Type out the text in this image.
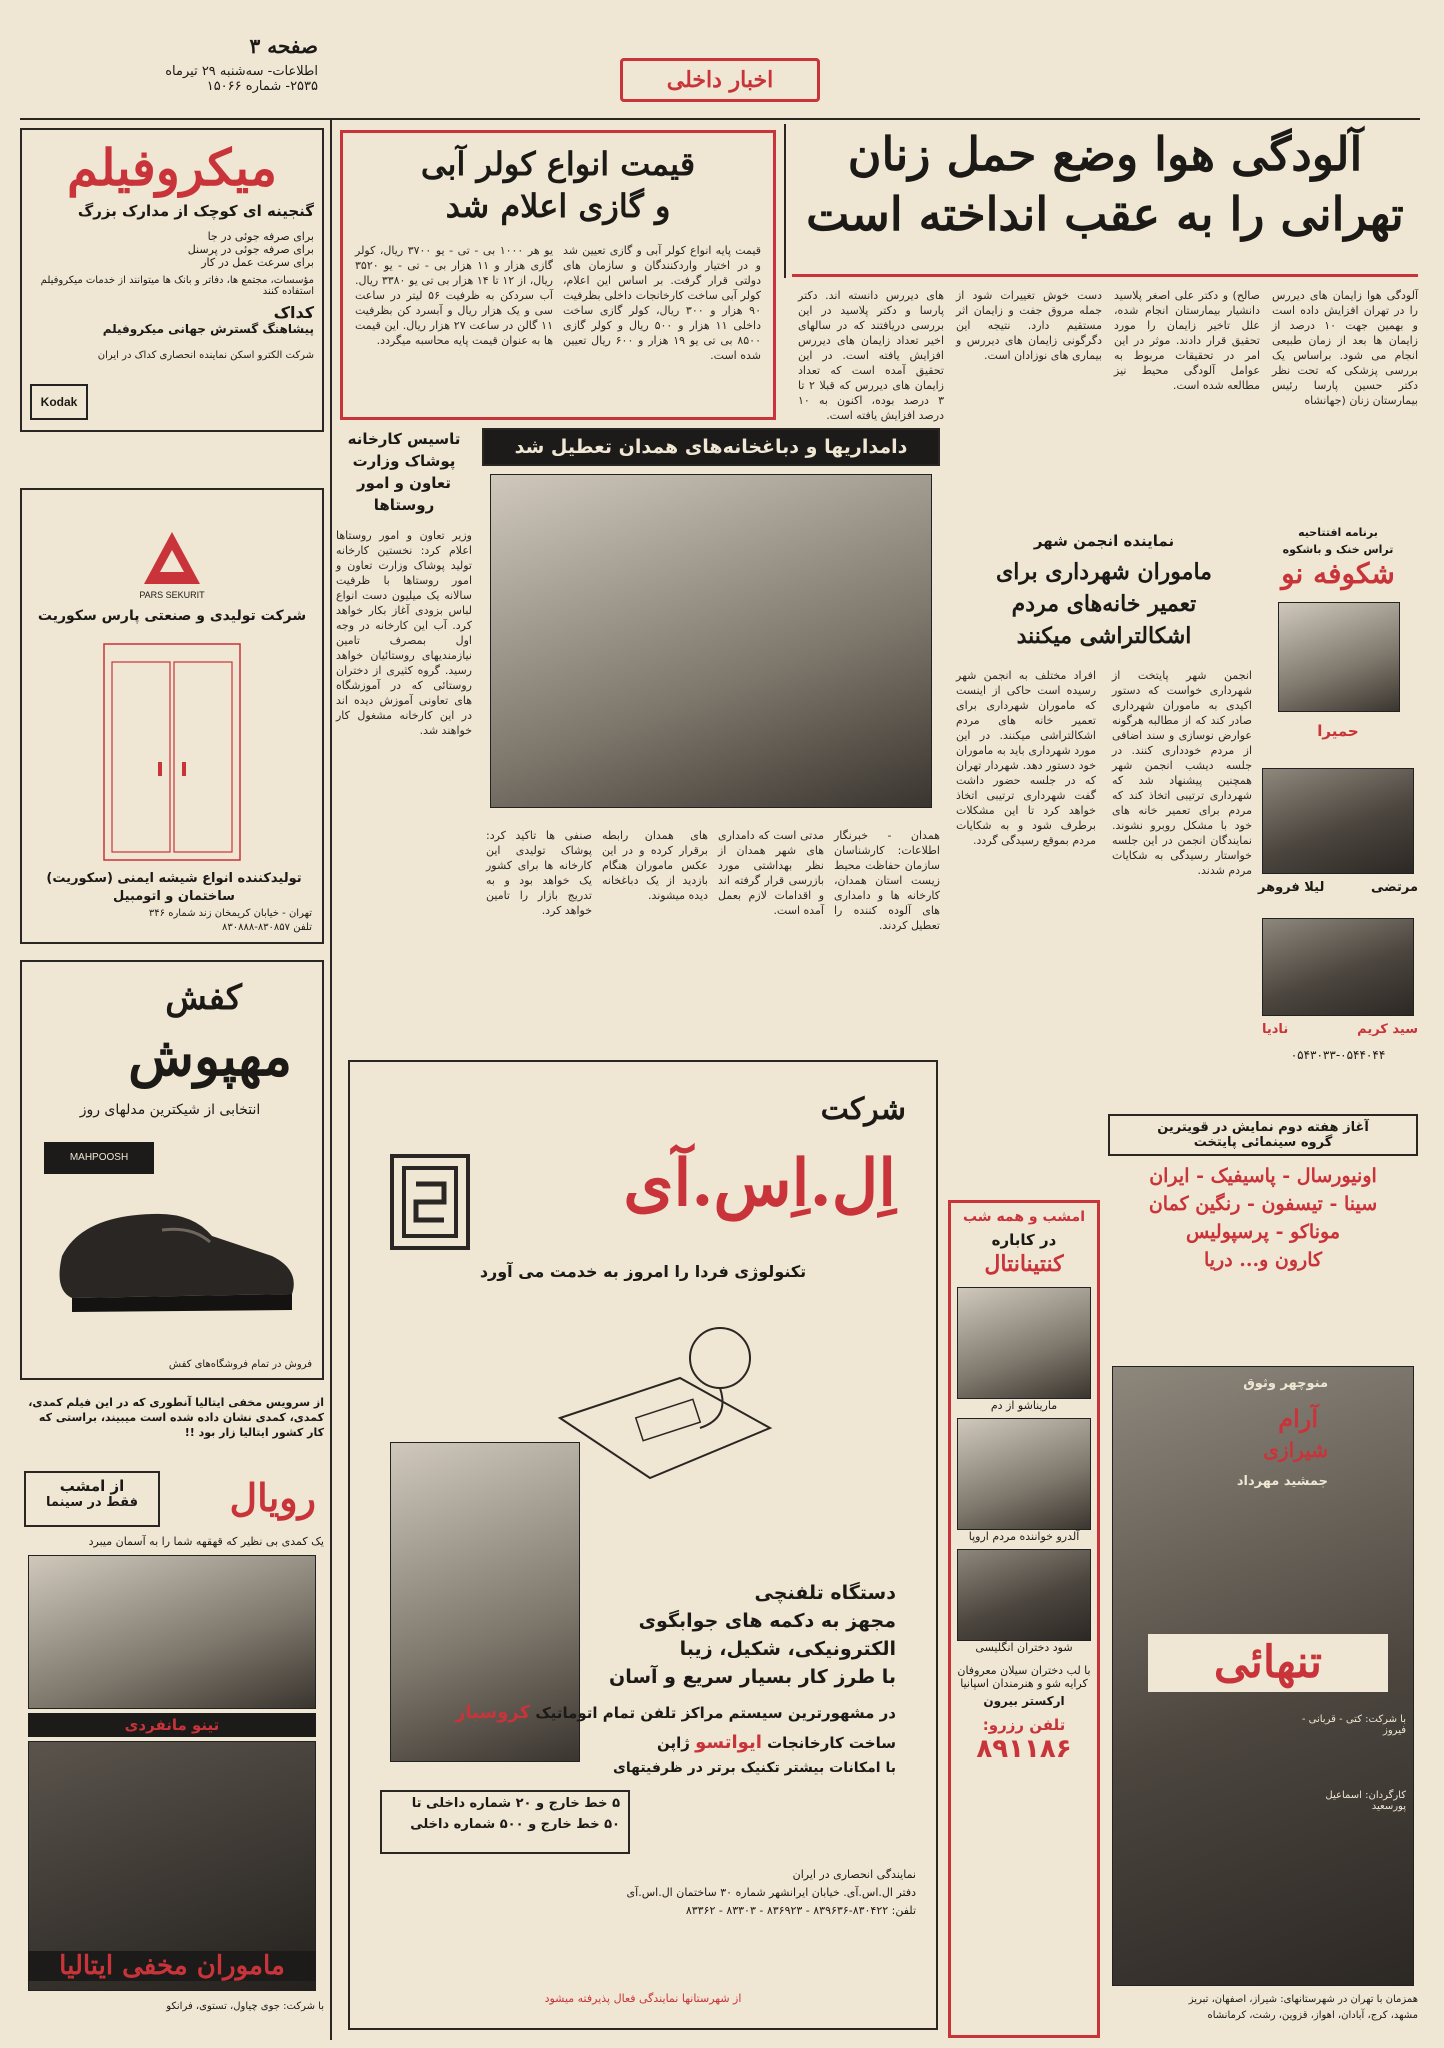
صفحه ۳
اطلاعات- سه‌شنبه ۲۹ تیرماه
۲۵۳۵- شماره ۱۵۰۶۶	اخبار داخلی
میکروفیلم
گنجینه ای کوچک از مدارک بزرگ
برای صرفه جوئی در جا
برای صرفه جوئی در پرسنل
برای سرعت عمل در کار
مؤسسات، مجتمع ها، دفاتر و بانک ها میتوانند از خدمات میکروفیلم استفاده کنند
کداک
پیشاهنگ گسترش جهانی میکروفیلم
شرکت الکترو اسکن نماینده انحصاری کداک در ایران
Kodak
PARS SEKURIT
شرکت تولیدی و صنعتی پارس سکوریت
تولیدکننده انواع شیشه ایمنی (سکوریت) ساختمان و اتومبیل
تهران - خیابان کریمخان زند شماره ۳۴۶
تلفن ۸۳۰۸۵۷-۸۳۰۸۸۸
کفش
مهپوش
انتخابی از شیکترین مدلهای روز
MAHPOOSH
فروش در تمام فروشگاه‌های کفش
از سرویس مخفی ایتالیا آنطوری که در این فیلم کمدی، کمدی، کمدی نشان داده شده است میبیند، براستی که کار کشور ایتالیا زار بود !!
از امشب
فقط در سینما	رویال
یک کمدی بی نظیر که قهقهه شما را به آسمان میبرد
تینو مانفردی
ماموران مخفی ایتالیا
با شرکت: جوی چیاول، تستوی، فرانکو
قیمت انواع کولر آبی
و گازی اعلام شد
قیمت پایه انواع کولر آبی و گازی تعیین شد و در اختیار واردکنندگان و سازمان های دولتی قرار گرفت. بر اساس این اعلام، کولر آبی ساخت کارخانجات داخلی بظرفیت ۹۰ هزار و ۳۰۰ ریال، کولر گازی ساخت داخلی ۱۱ هزار و ۵۰۰ ریال و کولر گازی ۸۵۰۰ بی تی یو ۱۹ هزار و ۶۰۰ ریال تعیین شده است.
یو هر ۱۰۰۰ بی - تی - یو ۳۷۰۰ ریال، کولر گازی هزار و ۱۱ هزار بی - تی - یو ۳۵۲۰ ریال، از ۱۲ تا ۱۴ هزار بی تی یو ۳۳۸۰ ریال. آب سردکن به ظرفیت ۵۶ لیتر در ساعت سی و یک هزار ریال و آبسرد کن بظرفیت ۱۱ گالن در ساعت ۲۷ هزار ریال. این قیمت ها به عنوان قیمت پایه محاسبه میگردد.
آلودگی هوا وضع حمل زنان
تهرانی را به عقب انداخته است
آلودگی هوا زایمان های دیررس را در تهران افزایش داده است و بهمین جهت ۱۰ درصد از زایمان ها بعد از زمان طبیعی انجام می شود. براساس یک بررسی پزشکی که تحت نظر دکتر حسین پارسا رئیس بیمارستان زنان (جهانشاه
صالح) و دکتر علی اصغر پلاسید دانشیار بیمارستان انجام شده، علل تاخیر زایمان را مورد تحقیق قرار دادند. موثر در این امر در تحقیقات مربوط به عوامل آلودگی محیط نیز مطالعه شده است.
دست خوش تغییرات شود از جمله مروق جفت و زایمان اثر مستقیم دارد. نتیجه این دگرگونی زایمان های دیررس و بیماری های نوزادان است.
های دیررس دانسته اند. دکتر پارسا و دکتر پلاسید در این بررسی دریافتند که در سالهای اخیر تعداد زایمان های دیررس افزایش یافته است. در این تحقیق آمده است که تعداد زایمان های دیررس که قبلا ۲ تا ۳ درصد بوده، اکنون به ۱۰ درصد افزایش یافته است.
برنامه افتتاحیه
تراس خنک و باشکوه
شکوفه نو
حمیرا
مرتضی
لیلا فروهر
سید کریم
نادیا
۰۵۴۳۰۳۳-۰۵۴۴۰۴۴
نماینده انجمن شهر
ماموران شهرداری برای
تعمیر خانه‌های مردم
اشکالتراشی میکنند
انجمن شهر پایتخت از شهرداری خواست که دستور اکیدی به ماموران شهرداری صادر کند که از مطالبه هرگونه عوارض نوسازی و سند اضافی از مردم خودداری کنند. در جلسه دیشب انجمن شهر همچنین پیشنهاد شد که شهرداری ترتیبی اتخاذ کند که مردم برای تعمیر خانه های خود با مشکل روبرو نشوند. نمایندگان انجمن در این جلسه خواستار رسیدگی به شکایات مردم شدند.
افراد مختلف به انجمن شهر رسیده است حاکی از اینست که ماموران شهرداری برای تعمیر خانه های مردم اشکالتراشی میکنند. در این مورد شهرداری باید به ماموران خود دستور دهد. شهردار تهران که در جلسه حضور داشت گفت شهرداری ترتیبی اتخاذ خواهد کرد تا این مشکلات برطرف شود و به شکایات مردم بموقع رسیدگی گردد.
تاسیس کارخانه پوشاک وزارت تعاون و امور روستاها
وزیر تعاون و امور روستاها اعلام کرد: نخستین کارخانه تولید پوشاک وزارت تعاون و امور روستاها با ظرفیت سالانه یک میلیون دست انواع لباس بزودی آغاز بکار خواهد کرد. آب این کارخانه در وجه اول بمصرف تامین نیازمندیهای روستائیان خواهد رسید. گروه کثیری از دختران روستائی که در آموزشگاه های تعاونی آموزش دیده اند در این کارخانه مشغول کار خواهند شد.
دامداریها و دباغخانه‌های همدان تعطیل شد
همدان - خبرنگار اطلاعات: کارشناسان سازمان حفاظت محیط زیست استان همدان، کارخانه ها و دامداری های آلوده کننده را تعطیل کردند.
مدتی است که دامداری های شهر همدان از نظر بهداشتی مورد بازرسی قرار گرفته اند و اقدامات لازم بعمل آمده است.
های همدان رابطه برقرار کرده و در این عکس ماموران هنگام بازدید از یک دباغخانه دیده میشوند.
صنفی ها تاکید کرد: پوشاک تولیدی این کارخانه ها برای کشور یک خواهد بود و به تدریج بازار را تامین خواهد کرد.
شرکت
اِل.اِس.آی
تکنولوژی فردا را امروز به خدمت می آورد
دستگاه تلفنچی
مجهز به دکمه های جوابگوی
الکترونیکی، شکیل، زیبا
با طرز کار بسیار سریع و آسان
در مشهورترین سیستم مراکز تلفن تمام اتوماتیک کروسبار
ساخت کارخانجات ایواتسو ژاپن
با امکانات بیشتر تکنیک برتر در ظرفیتهای
۵ خط خارج و ۲۰ شماره داخلی تا
۵۰ خط خارج و ۵۰۰ شماره داخلی
نمایندگی انحصاری در ایران
دفتر ال.اس.آی. خیابان ایرانشهر شماره ۳۰ ساختمان ال.اس.آی
تلفن: ۸۳۰۴۲۲-۸۳۹۶۳۶ - ۸۳۶۹۲۳ - ۸۳۳۰۳ - ۸۳۳۶۲
از شهرستانها نمایندگی فعال پذیرفته میشود
امشب و همه شب
در کاباره
کنتینانتال
ماریناشو از دم
آلدرو خواننده مردم اروپا
شود دختران انگلیسی
با لب دختران سیلان معروفان کرایه شو و هنرمندان اسپانیا
ارکستر بیرون
تلفن رزرو:
۸۹۱۱۸۶
آغاز هفته دوم نمایش در قویترین
گروه سینمائی پایتخت
اونیورسال - پاسیفیک - ایران
سینا - تیسفون - رنگین کمان
موناکو - پرسپولیس
کارون و... دریا
منوچهر وثوق
آرام
شیرازی
جمشید مهرداد
تنهائی
با شرکت: کتی - قربانی - فیروز
کارگردان: اسماعیل پورسعید
همزمان با تهران در شهرستانهای: شیراز، اصفهان، تبریز
مشهد، کرج، آبادان، اهواز، قزوین، رشت، کرمانشاه
